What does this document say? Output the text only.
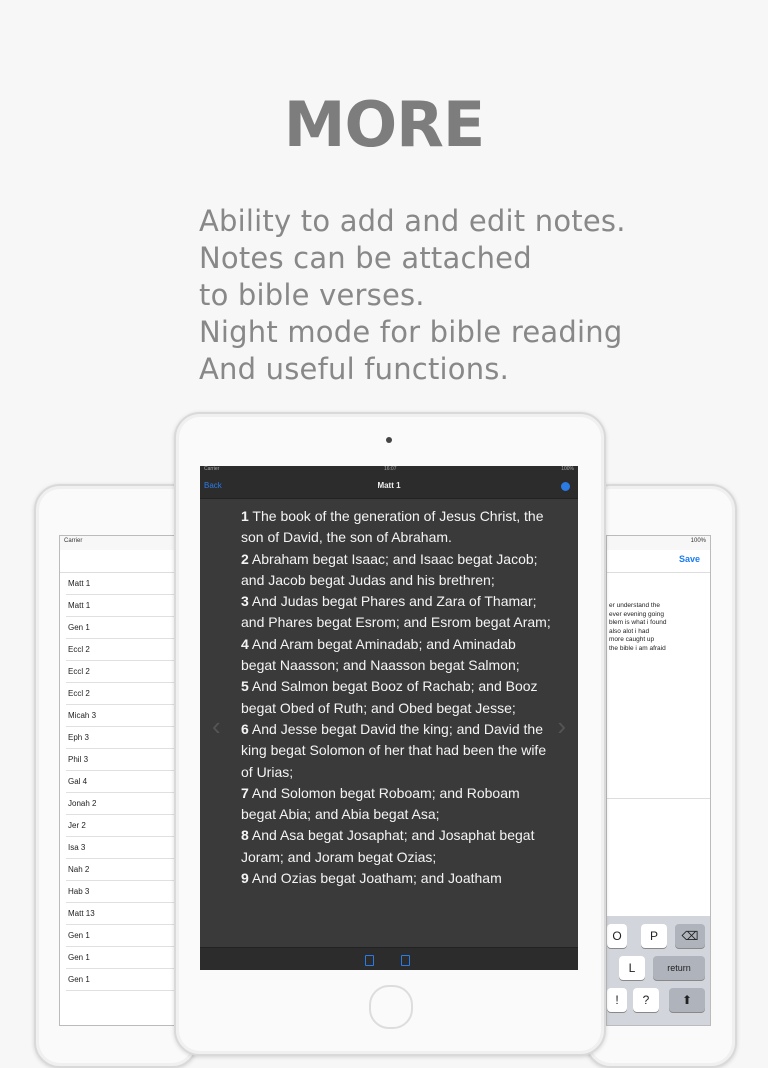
MORE
Ability to add and edit notes.
Notes can be attached
to bible verses.
Night mode for bible reading
And useful functions.
Carrier
Matt 1
Matt 1
Gen 1
Eccl 2
Eccl 2
Eccl 2
Micah 3
Eph 3
Phil 3
Gal 4
Jonah 2
Jer 2
Isa 3
Nah 2
Hab 3
Matt 13
Gen 1
Gen 1
Gen 1
100%
Save
er understand the
ever evening going
blem is what i found
also alot i had
more caught up
the bible i am afraid
O	P	⌫
L	return
!	?	⬆
Carrier	16:07	100%
Back	Matt 1
1 The book of the generation of Jesus Christ, the son of David, the son of Abraham.
2 Abraham begat Isaac; and Isaac begat Jacob; and Jacob begat Judas and his brethren;
3 And Judas begat Phares and Zara of Thamar; and Phares begat Esrom; and Esrom begat Aram;
4 And Aram begat Aminadab; and Aminadab begat Naasson; and Naasson begat Salmon;
5 And Salmon begat Booz of Rachab; and Booz begat Obed of Ruth; and Obed begat Jesse;
6 And Jesse begat David the king; and David the king begat Solomon of her that had been the wife of Urias;
7 And Solomon begat Roboam; and Roboam begat Abia; and Abia begat Asa;
8 And Asa begat Josaphat; and Josaphat begat Joram; and Joram begat Ozias;
9 And Ozias begat Joatham; and Joatham
‹	›
